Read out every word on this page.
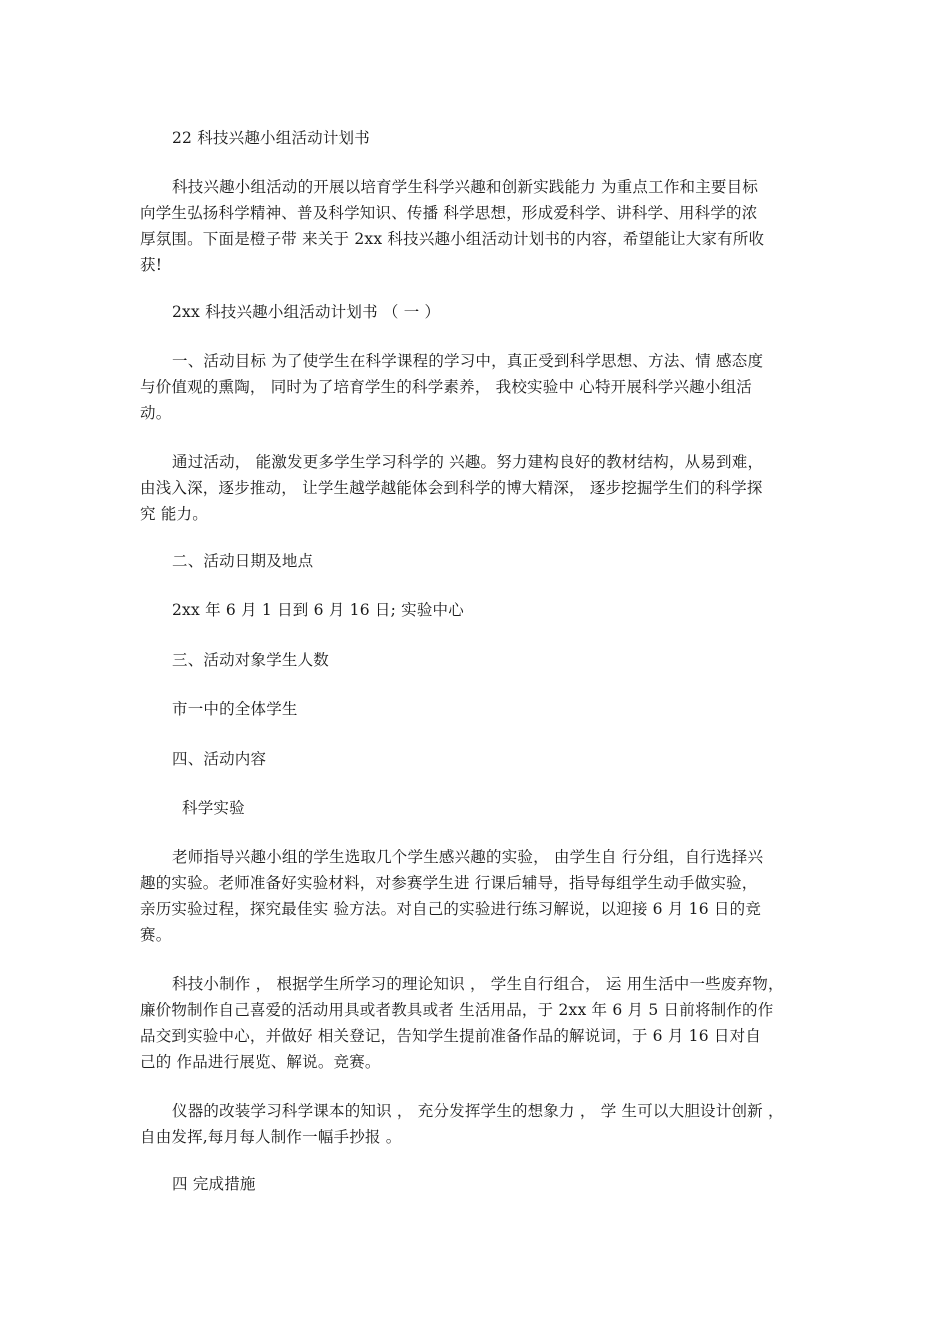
22 科技兴趣小组活动计划书
科技兴趣小组活动的开展以培育学生科学兴趣和创新实践能力 为重点工作和主要目标
向学生弘扬科学精神、普及科学知识、传播 科学思想，形成爱科学、讲科学、用科学的浓
厚氛围。下面是橙子带 来关于 2xx 科技兴趣小组活动计划书的内容，希望能让大家有所收
获!
2xx 科技兴趣小组活动计划书 （ 一 ）
一、活动目标 为了使学生在科学课程的学习中，真正受到科学思想、方法、情 感态度
与价值观的熏陶， 同时为了培育学生的科学素养， 我校实验中 心特开展科学兴趣小组活
动。
通过活动， 能激发更多学生学习科学的 兴趣。努力建构良好的教材结构，从易到难，
由浅入深，逐步推动， 让学生越学越能体会到科学的博大精深， 逐步挖掘学生们的科学探
究 能力。
二、活动日期及地点
2xx 年 6 月 1 日到 6 月 16 日; 实验中心
三、活动对象学生人数
市一中的全体学生
四、活动内容
科学实验
老师指导兴趣小组的学生选取几个学生感兴趣的实验， 由学生自 行分组，自行选择兴
趣的实验。老师准备好实验材料，对参赛学生进 行课后辅导，指导每组学生动手做实验，
亲历实验过程，探究最佳实 验方法。对自己的实验进行练习解说，以迎接 6 月 16 日的竞
赛。
科技小制作 ， 根据学生所学习的理论知识 ， 学生自行组合， 运 用生活中一些废弃物，
廉价物制作自己喜爱的活动用具或者教具或者 生活用品，于 2xx 年 6 月 5 日前将制作的作
品交到实验中心，并做好 相关登记，告知学生提前准备作品的解说词，于 6 月 16 日对自
己的 作品进行展览、解说。竞赛。
仪器的改装学习科学课本的知识 ， 充分发挥学生的想象力 ， 学 生可以大胆设计创新 ，
自由发挥,每月每人制作一幅手抄报 。
四 完成措施
